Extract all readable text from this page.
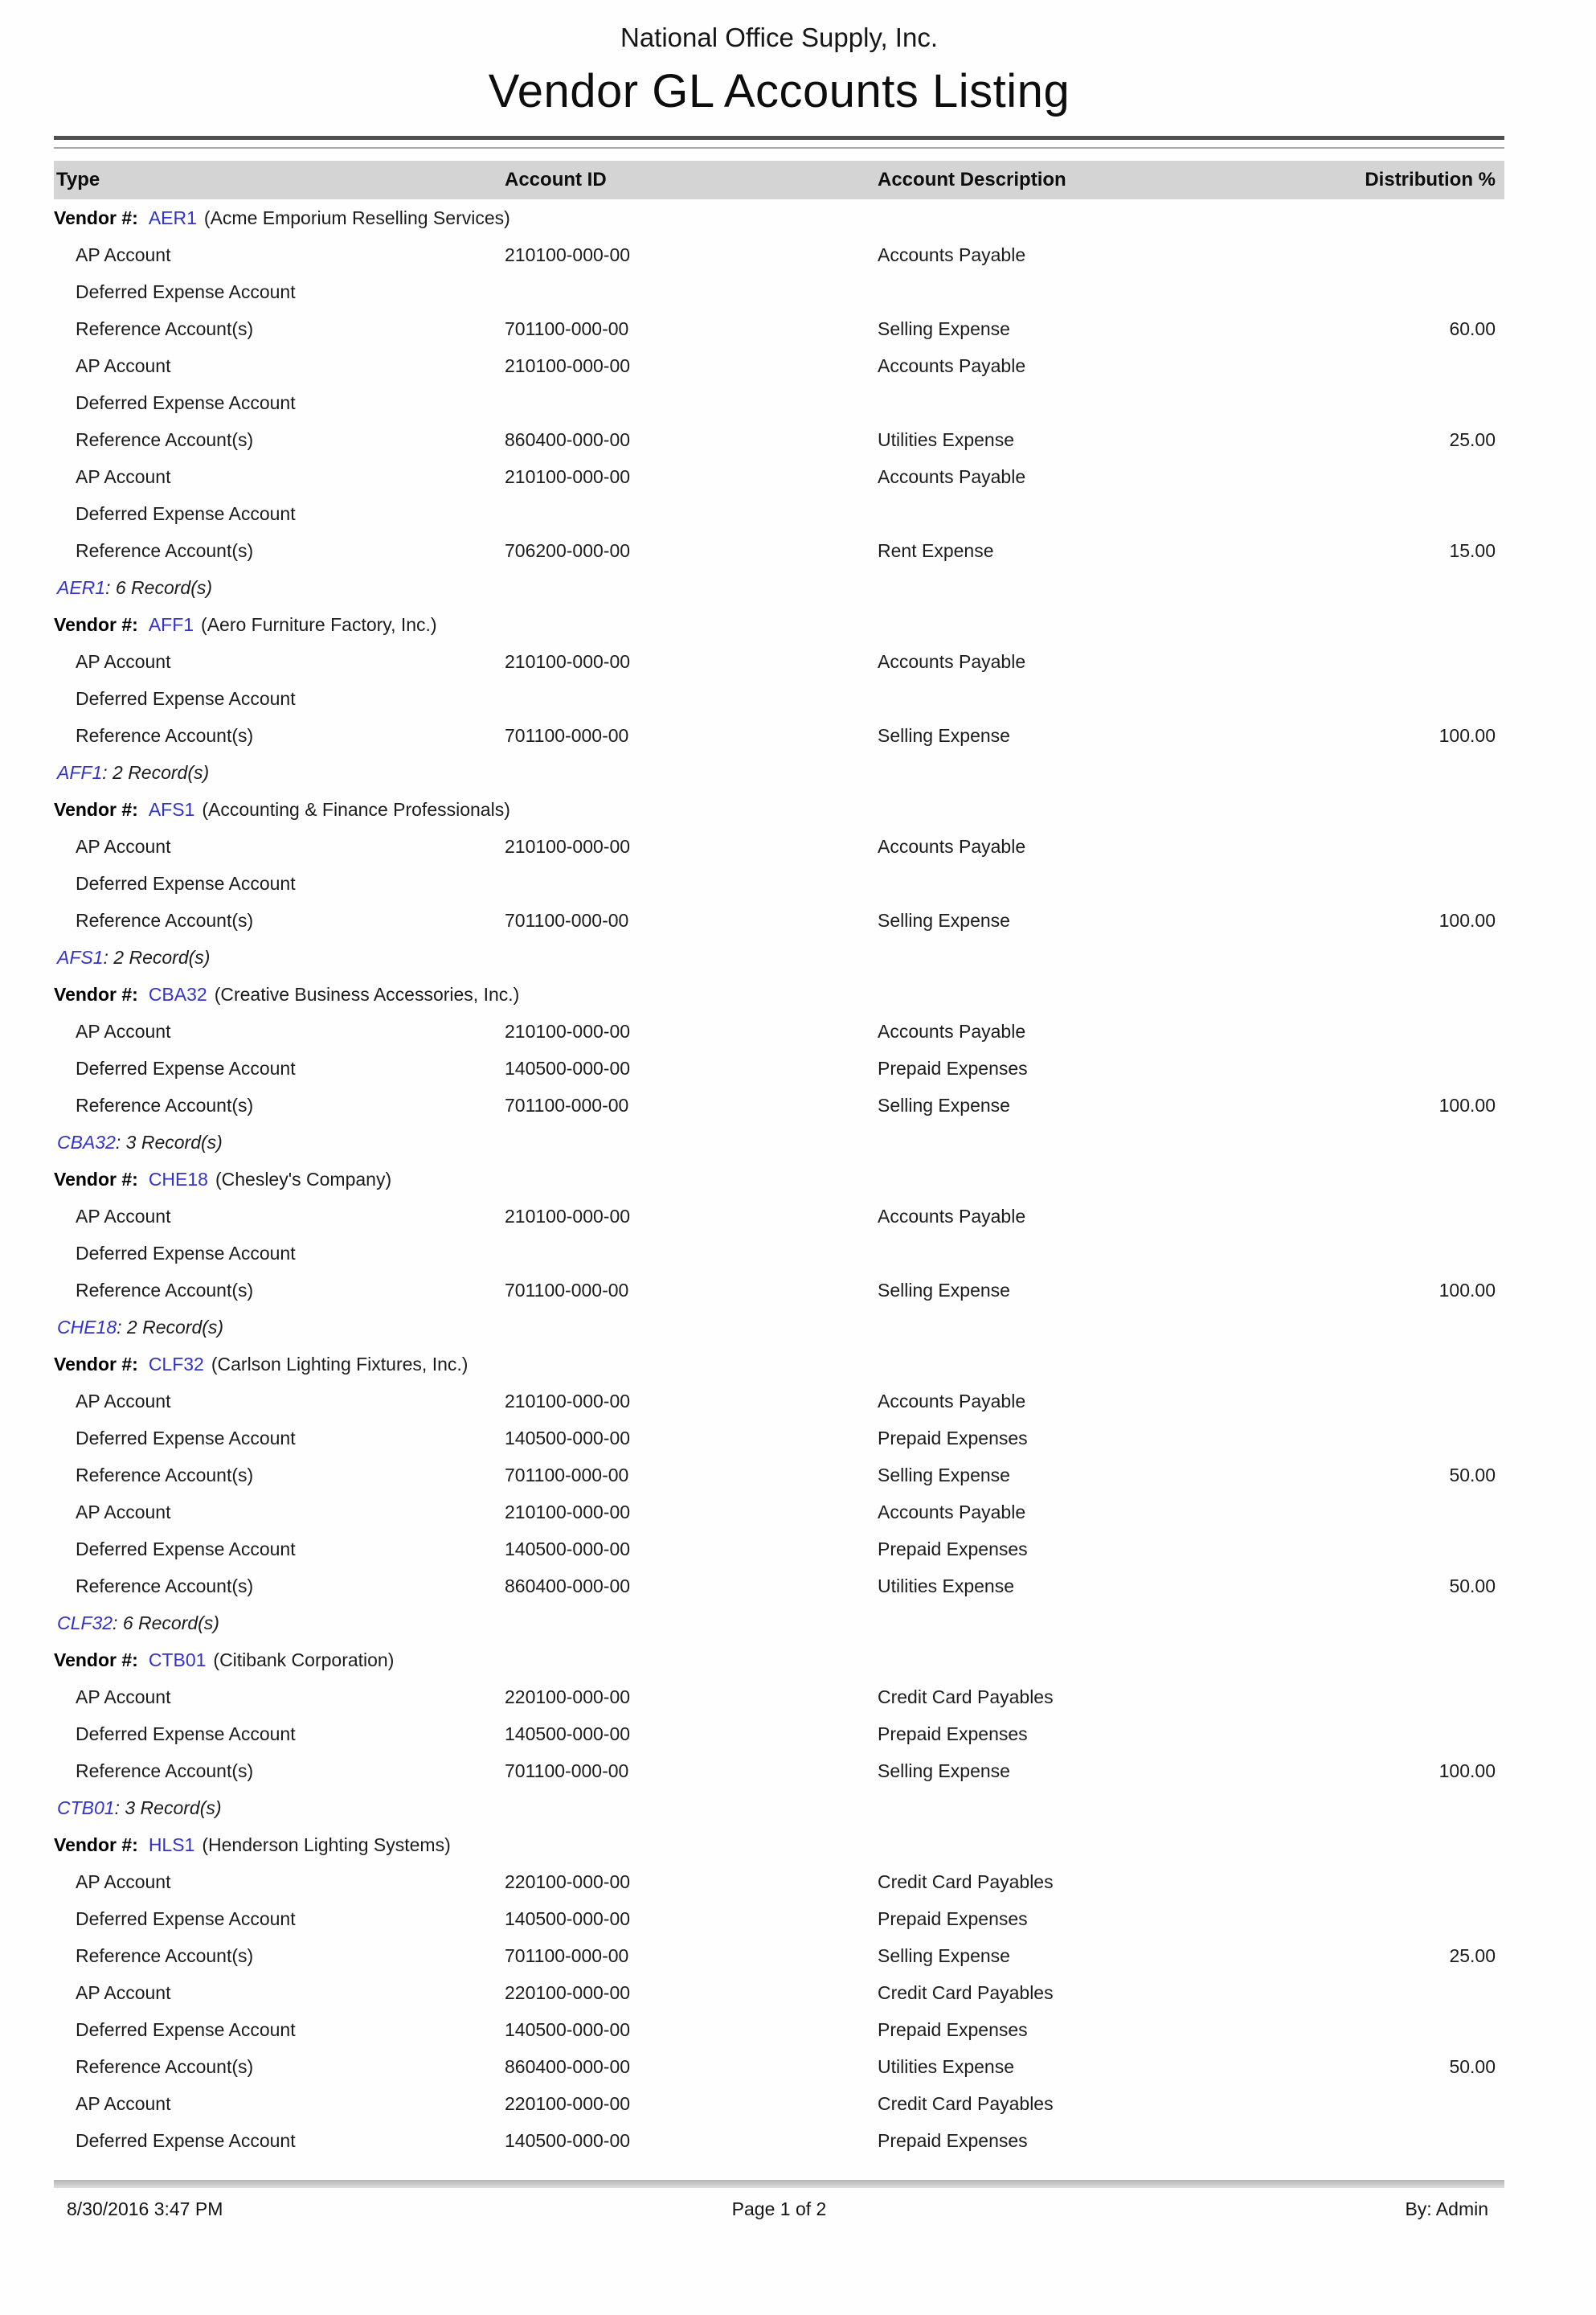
National Office Supply, Inc.
Vendor GL Accounts Listing
Type	Account ID	Account Description	Distribution %
Vendor #: AER1 (Acme Emporium Reselling Services)
AP Account	210100-000-00	Accounts Payable
Deferred Expense Account
Reference Account(s)	701100-000-00	Selling Expense	60.00
AP Account	210100-000-00	Accounts Payable
Deferred Expense Account
Reference Account(s)	860400-000-00	Utilities Expense	25.00
AP Account	210100-000-00	Accounts Payable
Deferred Expense Account
Reference Account(s)	706200-000-00	Rent Expense	15.00
AER1 : 6 Record(s)
Vendor #: AFF1 (Aero Furniture Factory, Inc.)
AP Account	210100-000-00	Accounts Payable
Deferred Expense Account
Reference Account(s)	701100-000-00	Selling Expense	100.00
AFF1 : 2 Record(s)
Vendor #: AFS1 (Accounting & Finance Professionals)
AP Account	210100-000-00	Accounts Payable
Deferred Expense Account
Reference Account(s)	701100-000-00	Selling Expense	100.00
AFS1 : 2 Record(s)
Vendor #: CBA32 (Creative Business Accessories, Inc.)
AP Account	210100-000-00	Accounts Payable
Deferred Expense Account	140500-000-00	Prepaid Expenses
Reference Account(s)	701100-000-00	Selling Expense	100.00
CBA32 : 3 Record(s)
Vendor #: CHE18 (Chesley's Company)
AP Account	210100-000-00	Accounts Payable
Deferred Expense Account
Reference Account(s)	701100-000-00	Selling Expense	100.00
CHE18 : 2 Record(s)
Vendor #: CLF32 (Carlson Lighting Fixtures, Inc.)
AP Account	210100-000-00	Accounts Payable
Deferred Expense Account	140500-000-00	Prepaid Expenses
Reference Account(s)	701100-000-00	Selling Expense	50.00
AP Account	210100-000-00	Accounts Payable
Deferred Expense Account	140500-000-00	Prepaid Expenses
Reference Account(s)	860400-000-00	Utilities Expense	50.00
CLF32 : 6 Record(s)
Vendor #: CTB01 (Citibank Corporation)
AP Account	220100-000-00	Credit Card Payables
Deferred Expense Account	140500-000-00	Prepaid Expenses
Reference Account(s)	701100-000-00	Selling Expense	100.00
CTB01 : 3 Record(s)
Vendor #: HLS1 (Henderson Lighting Systems)
AP Account	220100-000-00	Credit Card Payables
Deferred Expense Account	140500-000-00	Prepaid Expenses
Reference Account(s)	701100-000-00	Selling Expense	25.00
AP Account	220100-000-00	Credit Card Payables
Deferred Expense Account	140500-000-00	Prepaid Expenses
Reference Account(s)	860400-000-00	Utilities Expense	50.00
AP Account	220100-000-00	Credit Card Payables
Deferred Expense Account	140500-000-00	Prepaid Expenses
8/30/2016 3:47 PM	Page 1 of 2	By: Admin
